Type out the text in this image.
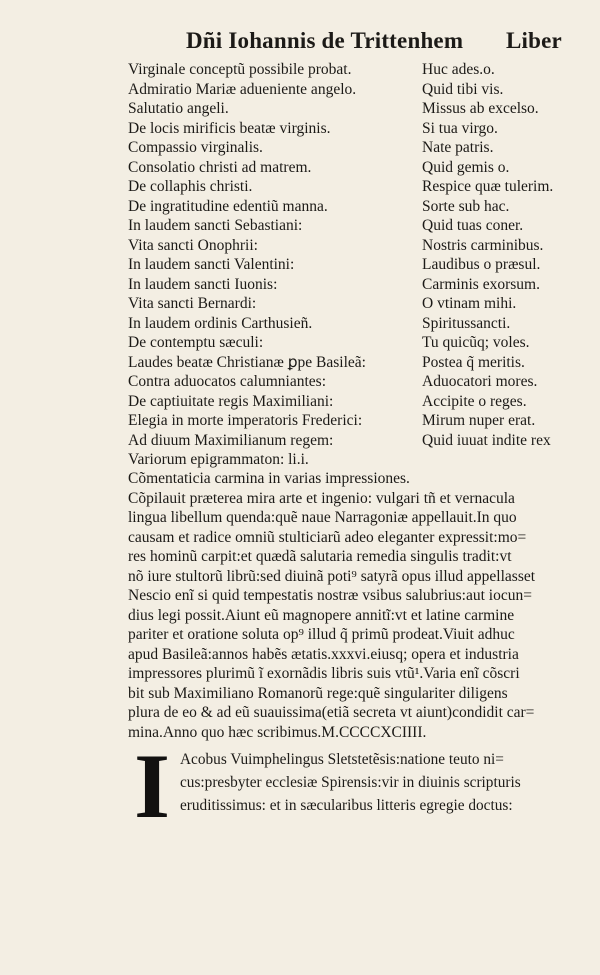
Dñi Iohannis de Trittenhem Liber
Virginale conceptũ possibile probat.	Huc ades.o.
Admiratio Mariæ adueniente angelo.	Quid tibi vis.
Salutatio angeli.	Missus ab excelso.
De locis mirificis beatæ virginis.	Si tua virgo.
Compassio virginalis.	Nate patris.
Consolatio christi ad matrem.	Quid gemis o.
De collaphis christi.	Respice quæ tulerim.
De ingratitudine edentiũ manna.	Sorte sub hac.
In laudem sancti Sebastiani:	Quid tuas coner.
Vita sancti Onophrii:	Nostris carminibus.
In laudem sancti Valentini:	Laudibus o præsul.
In laudem sancti Iuonis:	Carminis exorsum.
Vita sancti Bernardi:	O vtinam mihi.
In laudem ordinis Carthusieñ.	Spiritussancti.
De contemptu sæculi:	Tu quicũq; voles.
Laudes beatæ Christianæ ꝑpe Basileã:	Postea q̃ meritis.
Contra aduocatos calumniantes:	Aduocatori mores.
De captiuitate regis Maximiliani:	Accipite o reges.
Elegia in morte imperatoris Frederici:	Mirum nuper erat.
Ad diuum Maximilianum regem:	Quid iuuat indite rex
Variorum epigrammaton: li.i.
Cõmentaticia carmina in varias impressiones.
Cõpilauit præterea mira arte et ingenio: vulgari tñ et vernacula
lingua libellum quenda:quẽ naue Narragoniæ appellauit.In quo
causam et radice omniũ stulticiarũ adeo eleganter expressit:mo=
res hominũ carpit:et quædã salutaria remedia singulis tradit:vt
nõ iure stultorũ librũ:sed diuinã poti⁹ satyrã opus illud appellasset
Nescio enĩ si quid tempestatis nostræ vsibus salubrius:aut iocun=
dius legi possit.Aiunt eũ magnopere annitĩ:vt et latine carmine
pariter et oratione soluta op⁹ illud q̃ primũ prodeat.Viuit adhuc
apud Basileã:annos habẽs ætatis.xxxvi.eiusq; opera et industria
impressores plurimũ ĩ exornãdis libris suis vtũ¹.Varia enĩ cõscri
bit sub Maximiliano Romanorũ rege:quẽ singulariter diligens
plura de eo & ad eũ suauissima(etiã secreta vt aiunt)condidit car=
mina.Anno quo hæc scribimus.M.CCCCXCIIII.
I Acobus Vuimphelingus Sletstetẽsis:natione teuto ni=cus:presbyter ecclesiæ Spirensis:vir in diuinis scripturiseruditissimus: et in sæcularibus litteris egregie doctus:
